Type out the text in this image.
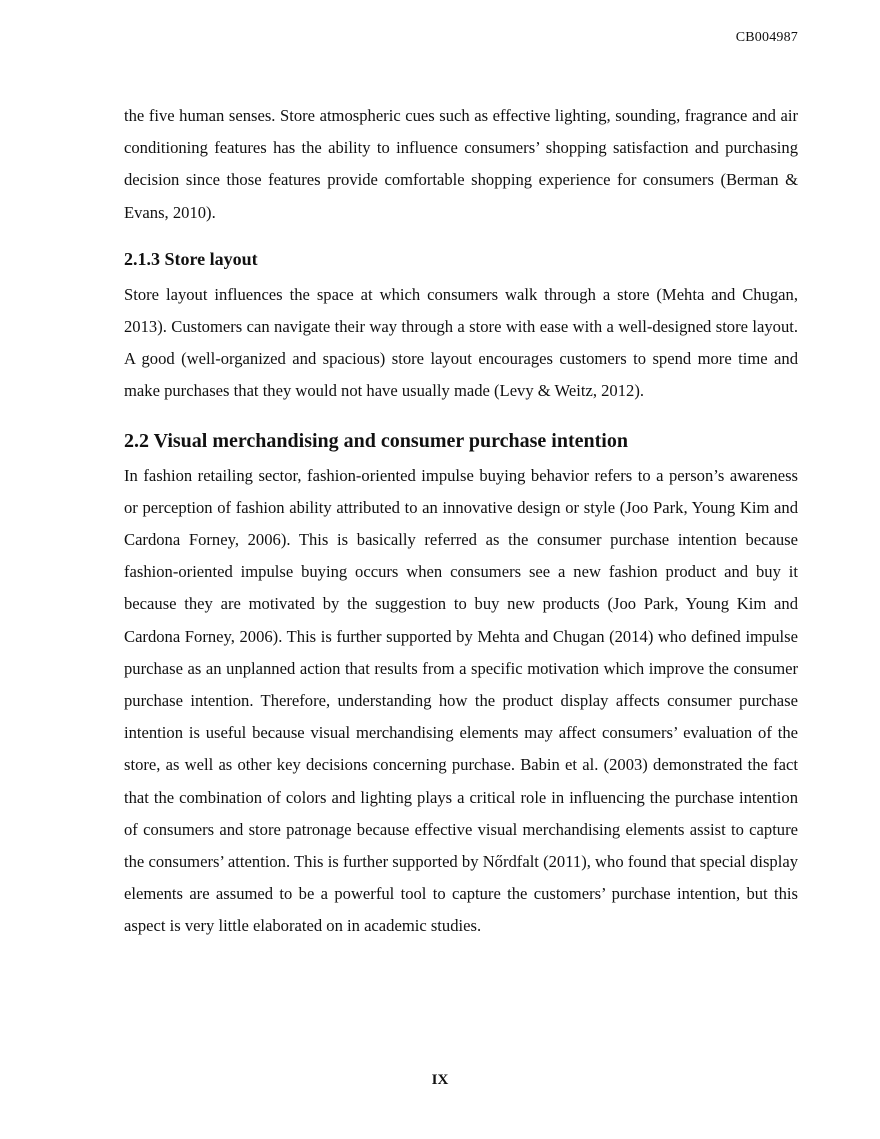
CB004987

the five human senses. Store atmospheric cues such as effective lighting, sounding, fragrance and air conditioning features has the ability to influence consumers’ shopping satisfaction and purchasing decision since those features provide comfortable shopping experience for consumers (Berman & Evans, 2010).

2.1.3 Store layout

Store layout influences the space at which consumers walk through a store (Mehta and Chugan, 2013). Customers can navigate their way through a store with ease with a well-designed store layout. A good (well-organized and spacious) store layout encourages customers to spend more time and make purchases that they would not have usually made (Levy & Weitz, 2012).

2.2 Visual merchandising and consumer purchase intention

In fashion retailing sector, fashion-oriented impulse buying behavior refers to a person’s awareness or perception of fashion ability attributed to an innovative design or style (Joo Park, Young Kim and Cardona Forney, 2006). This is basically referred as the consumer purchase intention because fashion-oriented impulse buying occurs when consumers see a new fashion product and buy it because they are motivated by the suggestion to buy new products (Joo Park, Young Kim and Cardona Forney, 2006). This is further supported by Mehta and Chugan (2014) who defined impulse purchase as an unplanned action that results from a specific motivation which improve the consumer purchase intention. Therefore, understanding how the product display affects consumer purchase intention is useful because visual merchandising elements may affect consumers’ evaluation of the store, as well as other key decisions concerning purchase. Babin et al. (2003) demonstrated the fact that the combination of colors and lighting plays a critical role in influencing the purchase intention of consumers and store patronage because effective visual merchandising elements assist to capture the consumers’ attention. This is further supported by Nőrdfalt (2011), who found that special display elements are assumed to be a powerful tool to capture the customers’ purchase intention, but this aspect is very little elaborated on in academic studies.

IX
